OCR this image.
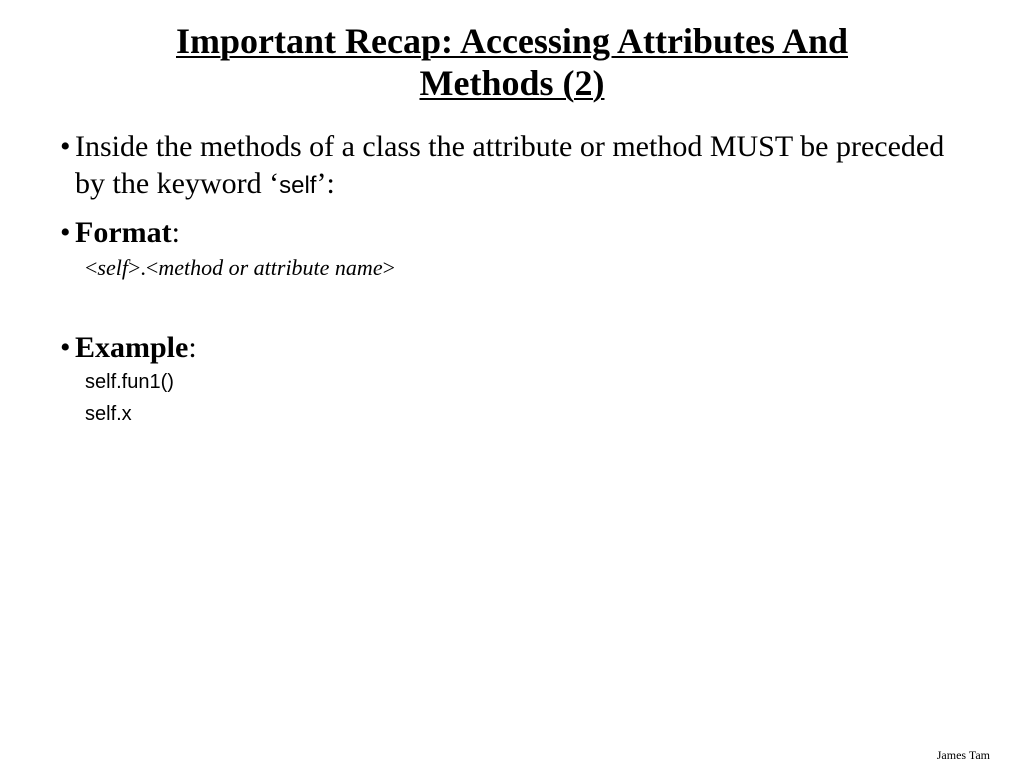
Important Recap: Accessing Attributes And
Methods (2)
• Inside the methods of a class the attribute or method MUST be preceded by the keyword ‘self’:
• Format:
<self>.<method or attribute name>
• Example:
self.fun1()
self.x
James Tam
